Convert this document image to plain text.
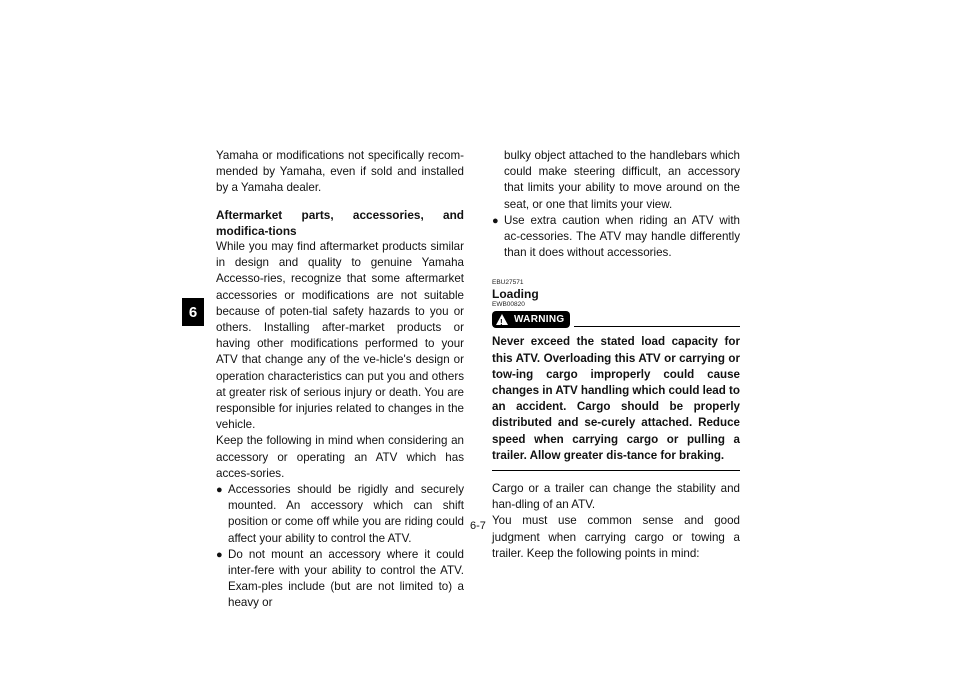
6

Yamaha or modifications not specifically recom-mended by Yamaha, even if sold and installed by a Yamaha dealer.

Aftermarket parts, accessories, and modifica-tions

While you may find aftermarket products similar in design and quality to genuine Yamaha Accesso-ries, recognize that some aftermarket accessories or modifications are not suitable because of poten-tial safety hazards to you or others. Installing after-market products or having other modifications performed to your ATV that change any of the ve-hicle's design or operation characteristics can put you and others at greater risk of serious injury or death. You are responsible for injuries related to changes in the vehicle.

Keep the following in mind when considering an accessory or operating an ATV which has acces-sories.

● Accessories should be rigidly and securely mounted. An accessory which can shift position or come off while you are riding could affect your ability to control the ATV.
● Do not mount an accessory where it could inter-fere with your ability to control the ATV. Exam-ples include (but are not limited to) a heavy or
bulky object attached to the handlebars which could make steering difficult, an accessory that limits your ability to move around on the seat, or one that limits your view.
● Use extra caution when riding an ATV with ac-cessories. The ATV may handle differently than it does without accessories.
EBU27571
Loading
EWB00820
! WARNING

Never exceed the stated load capacity for this ATV. Overloading this ATV or carrying or tow-ing cargo improperly could cause changes in ATV handling which could lead to an accident. Cargo should be properly distributed and se-curely attached. Reduce speed when carrying cargo or pulling a trailer. Allow greater dis-tance for braking.

Cargo or a trailer can change the stability and han-dling of an ATV.

You must use common sense and good judgment when carrying cargo or towing a trailer. Keep the following points in mind:

6-7
